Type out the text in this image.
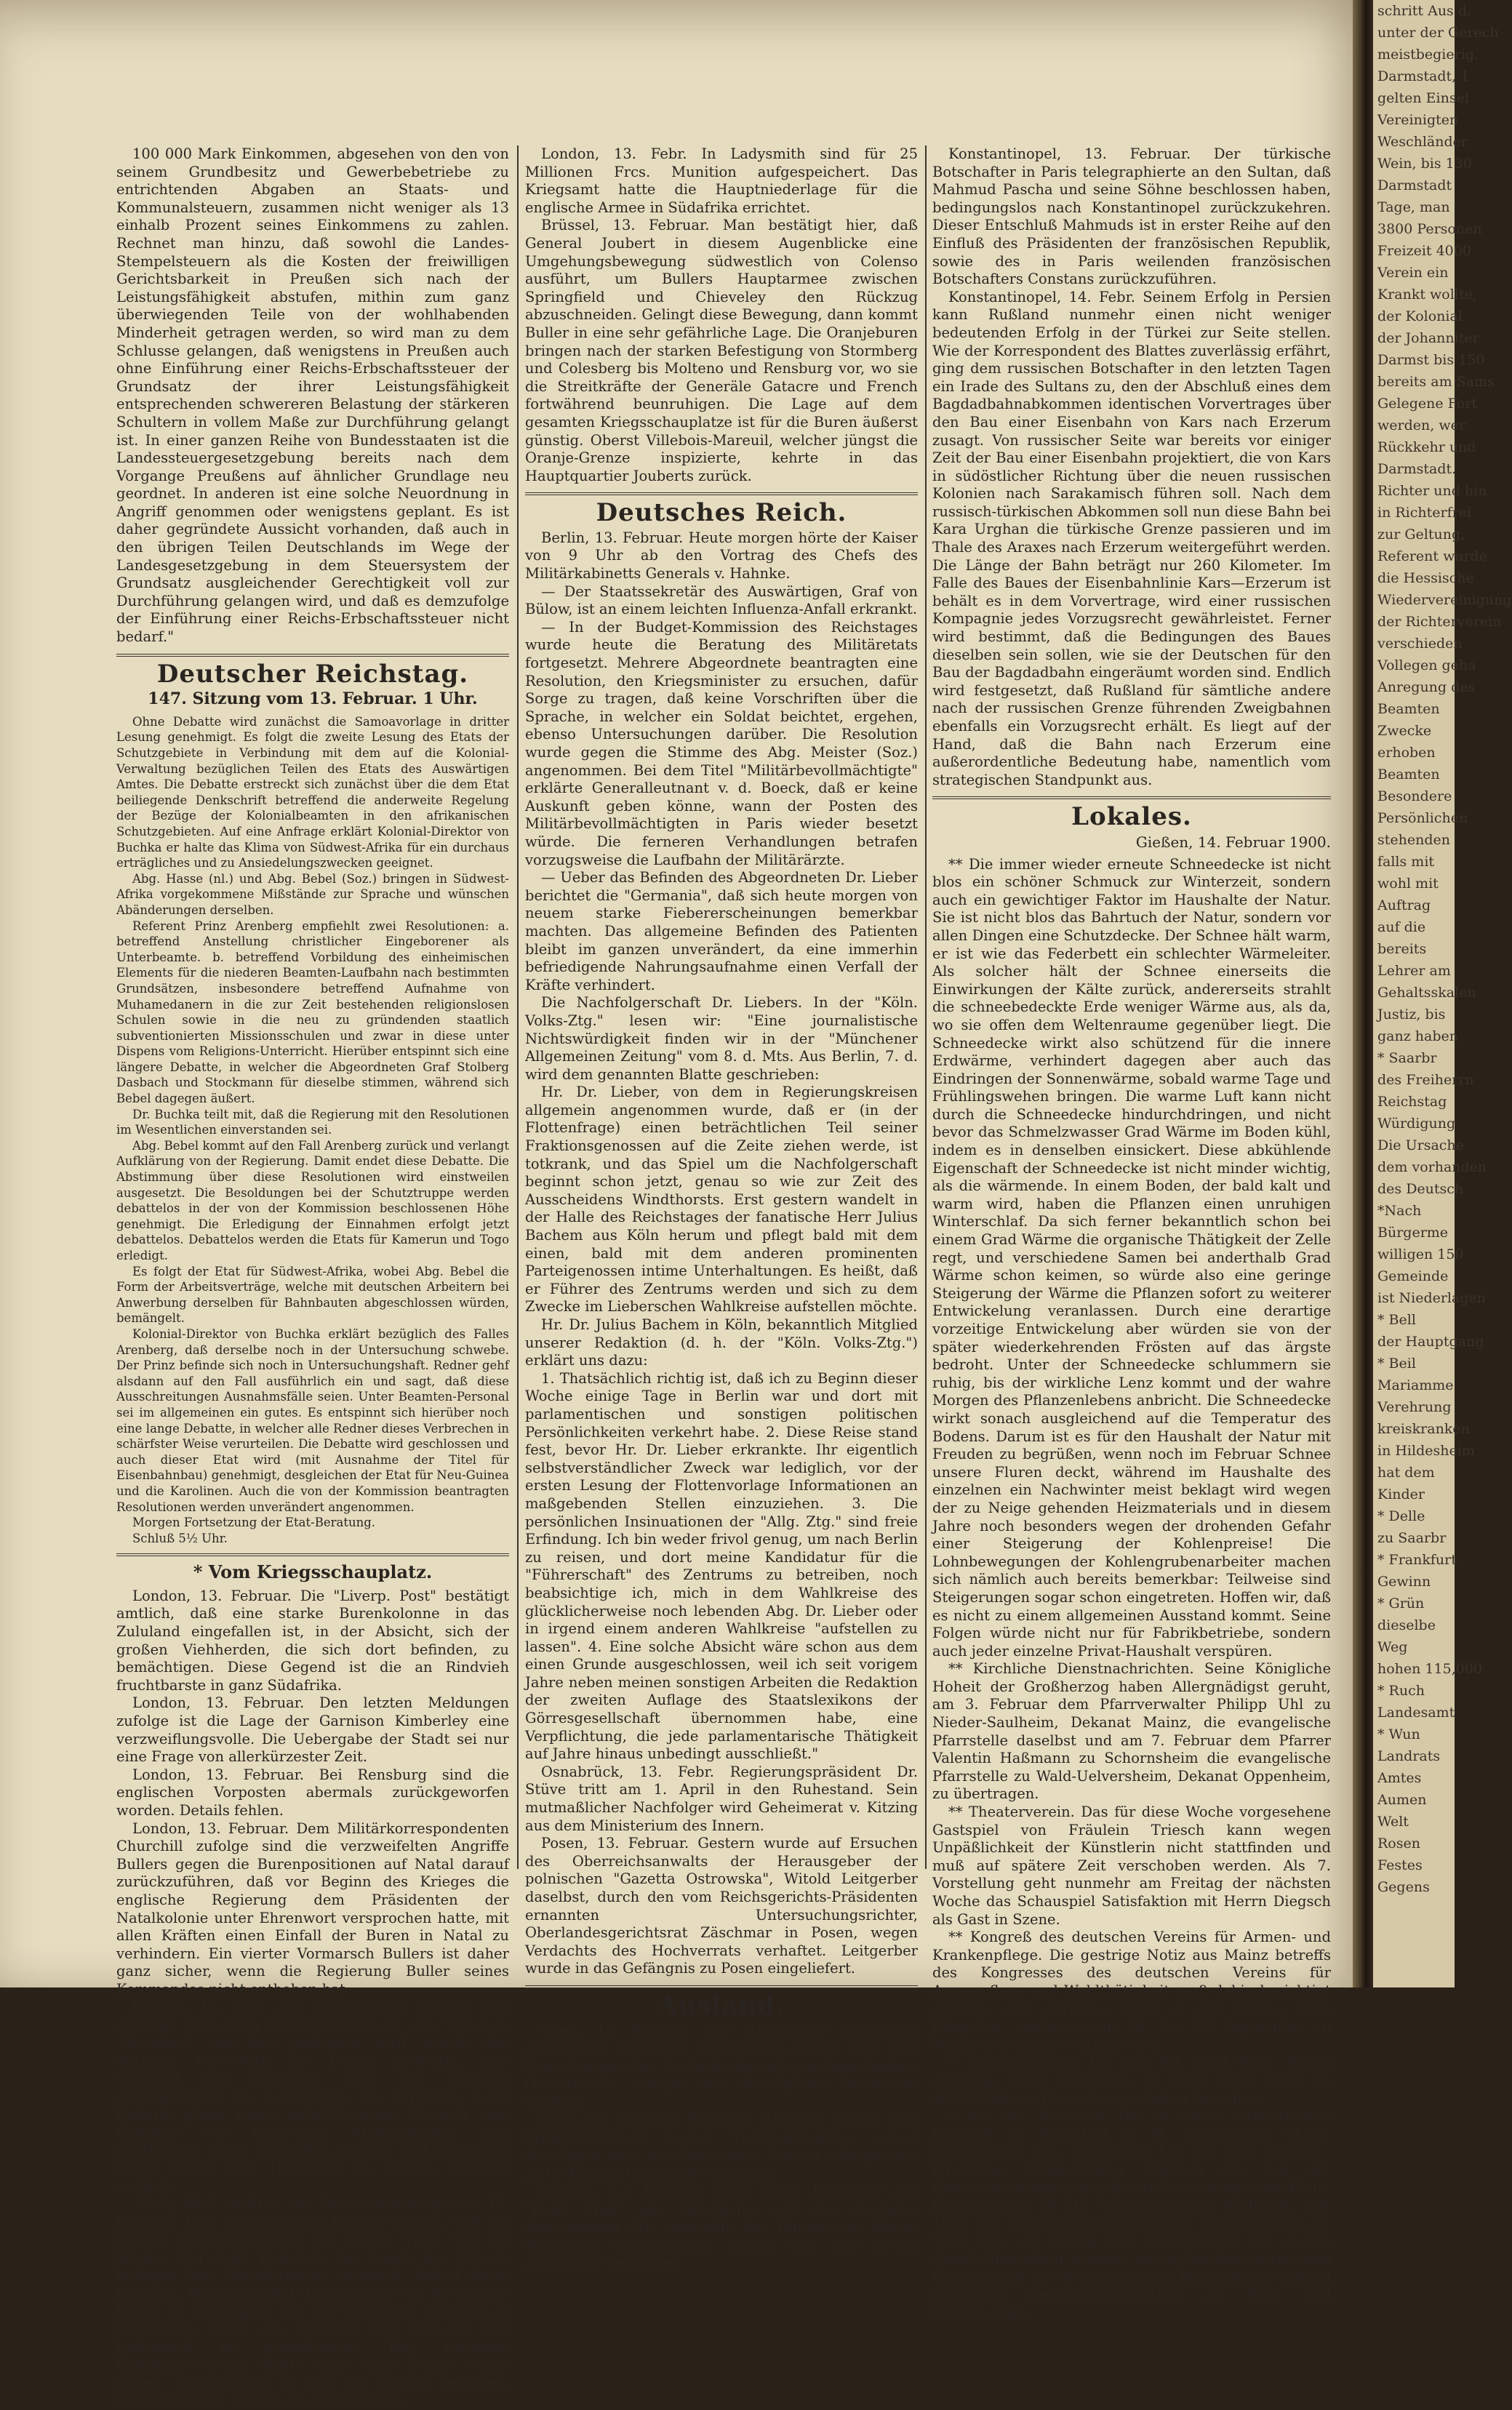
100 000 Mark Einkommen, abgesehen von den von seinem Grundbesitz und Gewerbebetriebe zu entrichtenden Abgaben an Staats- und Kommunalsteuern, zusammen nicht weniger als 13 einhalb Prozent seines Einkommens zu zahlen. Rechnet man hinzu, daß sowohl die Landes-Stempelsteuern als die Kosten der freiwilligen Gerichtsbarkeit in Preußen sich nach der Leistungsfähigkeit abstufen, mithin zum ganz überwiegenden Teile von der wohlhabenden Minderheit getragen werden, so wird man zu dem Schlusse gelangen, daß wenigstens in Preußen auch ohne Einführung einer Reichs-Erbschaftssteuer der Grundsatz der ihrer Leistungsfähigkeit entsprechenden schwereren Belastung der stärkeren Schultern in vollem Maße zur Durchführung gelangt ist. In einer ganzen Reihe von Bundesstaaten ist die Landessteuergesetzgebung bereits nach dem Vorgange Preußens auf ähnlicher Grundlage neu geordnet. In anderen ist eine solche Neuordnung in Angriff genommen oder wenigstens geplant. Es ist daher gegründete Aussicht vorhanden, daß auch in den übrigen Teilen Deutschlands im Wege der Landesgesetzgebung in dem Steuersystem der Grundsatz ausgleichender Gerechtigkeit voll zur Durchführung gelangen wird, und daß es demzufolge der Einführung einer Reichs-Erbschaftssteuer nicht bedarf."

Deutscher Reichstag.
147. Sitzung vom 13. Februar. 1 Uhr.

Ohne Debatte wird zunächst die Samoavorlage in dritter Lesung genehmigt. Es folgt die zweite Lesung des Etats der Schutzgebiete in Verbindung mit dem auf die Kolonial-Verwaltung bezüglichen Teilen des Etats des Auswärtigen Amtes. Die Debatte erstreckt sich zunächst über die dem Etat beiliegende Denkschrift betreffend die anderweite Regelung der Bezüge der Kolonialbeamten in den afrikanischen Schutzgebieten. Auf eine Anfrage erklärt Kolonial-Direktor von Buchka er halte das Klima von Südwest-Afrika für ein durchaus erträgliches und zu Ansiedelungszwecken geeignet.

Abg. Hasse (nl.) und Abg. Bebel (Soz.) bringen in Südwest-Afrika vorgekommene Mißstände zur Sprache und wünschen Abänderungen derselben.

Referent Prinz Arenberg empfiehlt zwei Resolutionen: a. betreffend Anstellung christlicher Eingeborener als Unterbeamte. b. betreffend Vorbildung des einheimischen Elements für die niederen Beamten-Laufbahn nach bestimmten Grundsätzen, insbesondere betreffend Aufnahme von Muhamedanern in die zur Zeit bestehenden religionslosen Schulen sowie in die neu zu gründenden staatlich subventionierten Missionsschulen und zwar in diese unter Dispens vom Religions-Unterricht. Hierüber entspinnt sich eine längere Debatte, in welcher die Abgeordneten Graf Stolberg Dasbach und Stockmann für dieselbe stimmen, während sich Bebel dagegen äußert.

Dr. Buchka teilt mit, daß die Regierung mit den Resolutionen im Wesentlichen einverstanden sei.

Abg. Bebel kommt auf den Fall Arenberg zurück und verlangt Aufklärung von der Regierung. Damit endet diese Debatte. Die Abstimmung über diese Resolutionen wird einstweilen ausgesetzt. Die Besoldungen bei der Schutztruppe werden debattelos in der von der Kommission beschlossenen Höhe genehmigt. Die Erledigung der Einnahmen erfolgt jetzt debattelos. Debattelos werden die Etats für Kamerun und Togo erledigt.

Es folgt der Etat für Südwest-Afrika, wobei Abg. Bebel die Form der Arbeitsverträge, welche mit deutschen Arbeitern bei Anwerbung derselben für Bahnbauten abgeschlossen würden, bemängelt.

Kolonial-Direktor von Buchka erklärt bezüglich des Falles Arenberg, daß derselbe noch in der Untersuchung schwebe. Der Prinz befinde sich noch in Untersuchungshaft. Redner gehf alsdann auf den Fall ausführlich ein und sagt, daß diese Ausschreitungen Ausnahmsfälle seien. Unter Beamten-Personal sei im allgemeinen ein gutes. Es entspinnt sich hierüber noch eine lange Debatte, in welcher alle Redner dieses Verbrechen in schärfster Weise verurteilen. Die Debatte wird geschlossen und auch dieser Etat wird (mit Ausnahme der Titel für Eisenbahnbau) genehmigt, desgleichen der Etat für Neu-Guinea und die Karolinen. Auch die von der Kommission beantragten Resolutionen werden unverändert angenommen.

Morgen Fortsetzung der Etat-Beratung.

Schluß 5½ Uhr.

* Vom Kriegsschauplatz.

London, 13. Februar. Die "Liverp. Post" bestätigt amtlich, daß eine starke Burenkolonne in das Zululand eingefallen ist, in der Absicht, sich der großen Viehherden, die sich dort befinden, zu bemächtigen. Diese Gegend ist die an Rindvieh fruchtbarste in ganz Südafrika.

London, 13. Februar. Den letzten Meldungen zufolge ist die Lage der Garnison Kimberley eine verzweiflungsvolle. Die Uebergabe der Stadt sei nur eine Frage von allerkürzester Zeit.

London, 13. Februar. Bei Rensburg sind die englischen Vorposten abermals zurückgeworfen worden. Details fehlen.

London, 13. Februar. Dem Militärkorrespondenten Churchill zufolge sind die verzweifelten Angriffe Bullers gegen die Burenpositionen auf Natal darauf zurückzuführen, daß vor Beginn des Krieges die englische Regierung dem Präsidenten der Natalkolonie unter Ehrenwort versprochen hatte, mit allen Kräften einen Einfall der Buren in Natal zu verhindern. Ein vierter Vormarsch Bullers ist daher ganz sicher, wenn die Regierung Buller seines Kommandos nicht enthoben hat.

London, 13. Febr. Am Modderflusse scheint eine wichtige Bewegung in Vorbereitung zu sein. Wie dem "Standard" von dort gedrahtet wird, wurde den dortigen Vertretern der Presse bedeutet, sich während der nächsten Tage der größten Zurückhaltung zu befleißigen. Es verlautet, Lord Roberts plane einen entschlossenen Versuch zum Entsatze von Kimberley. Magersfontein und Spytfontein sollen vermieden und die dort stehenden Buren durch zwei Divisionen in Schach gehalten werden.

"Daily Mail" erfährt aus Pietermaritzburg vom 12. Februar: Eine Drahtung von Eshowe meldet, daß ein großes Burenkommando mit einem Train von 80 Wagen und neun Kanonen das Lager bei Nqueta bezogen hat. Gerüchtweise verlautet, daß Eshowe belagert. Wahrscheinlich beabsichtige es, die Zulusi-Hügel zu besitzigen, um die britischen Truppen zu verhindern durch das Zululand zum Entsatze von Ladysmith zu marschieren. Der nächsten Entsatzbewegung dürfte eine neue Pause voran gehen. In Ladysmith ist man mit Fleisch versehen, täglich würden 30 Ochsen geschlachtet.

London, 13. Febr. In Ladysmith sind für 25 Millionen Frcs. Munition aufgespeichert. Das Kriegsamt hatte die Hauptniederlage für die englische Armee in Südafrika errichtet.

Brüssel, 13. Februar. Man bestätigt hier, daß General Joubert in diesem Augenblicke eine Umgehungsbewegung südwestlich von Colenso ausführt, um Bullers Hauptarmee zwischen Springfield und Chieveley den Rückzug abzuschneiden. Gelingt diese Bewegung, dann kommt Buller in eine sehr gefährliche Lage. Die Oranjeburen bringen nach der starken Befestigung von Stormberg und Colesberg bis Molteno und Rensburg vor, wo sie die Streitkräfte der Generäle Gatacre und French fortwährend beunruhigen. Die Lage auf dem gesamten Kriegsschauplatze ist für die Buren äußerst günstig. Oberst Villebois-Mareuil, welcher jüngst die Oranje-Grenze inspizierte, kehrte in das Hauptquartier Jouberts zurück.

Deutsches Reich.

Berlin, 13. Februar. Heute morgen hörte der Kaiser von 9 Uhr ab den Vortrag des Chefs des Militärkabinetts Generals v. Hahnke.

— Der Staatssekretär des Auswärtigen, Graf von Bülow, ist an einem leichten Influenza-Anfall erkrankt.

— In der Budget-Kommission des Reichstages wurde heute die Beratung des Militäretats fortgesetzt. Mehrere Abgeordnete beantragten eine Resolution, den Kriegsminister zu ersuchen, dafür Sorge zu tragen, daß keine Vorschriften über die Sprache, in welcher ein Soldat beichtet, ergehen, ebenso Untersuchungen darüber. Die Resolution wurde gegen die Stimme des Abg. Meister (Soz.) angenommen. Bei dem Titel "Militärbevollmächtigte" erklärte Generalleutnant v. d. Boeck, daß er keine Auskunft geben könne, wann der Posten des Militärbevollmächtigten in Paris wieder besetzt würde. Die ferneren Verhandlungen betrafen vorzugsweise die Laufbahn der Militärärzte.

— Ueber das Befinden des Abgeordneten Dr. Lieber berichtet die "Germania", daß sich heute morgen von neuem starke Fiebererscheinungen bemerkbar machten. Das allgemeine Befinden des Patienten bleibt im ganzen unverändert, da eine immerhin befriedigende Nahrungsaufnahme einen Verfall der Kräfte verhindert.

Die Nachfolgerschaft Dr. Liebers. In der "Köln. Volks-Ztg." lesen wir: "Eine journalistische Nichtswürdigkeit finden wir in der "Münchener Allgemeinen Zeitung" vom 8. d. Mts. Aus Berlin, 7. d. wird dem genannten Blatte geschrieben:

Hr. Dr. Lieber, von dem in Regierungskreisen allgemein angenommen wurde, daß er (in der Flottenfrage) einen beträchtlichen Teil seiner Fraktionsgenossen auf die Zeite ziehen werde, ist totkrank, und das Spiel um die Nachfolgerschaft beginnt schon jetzt, genau so wie zur Zeit des Ausscheidens Windthorsts. Erst gestern wandelt in der Halle des Reichstages der fanatische Herr Julius Bachem aus Köln herum und pflegt bald mit dem einen, bald mit dem anderen prominenten Parteigenossen intime Unterhaltungen. Es heißt, daß er Führer des Zentrums werden und sich zu dem Zwecke im Lieberschen Wahlkreise aufstellen möchte.

Hr. Dr. Julius Bachem in Köln, bekanntlich Mitglied unserer Redaktion (d. h. der "Köln. Volks-Ztg.") erklärt uns dazu:

1. Thatsächlich richtig ist, daß ich zu Beginn dieser Woche einige Tage in Berlin war und dort mit parlamentischen und sonstigen politischen Persönlichkeiten verkehrt habe. 2. Diese Reise stand fest, bevor Hr. Dr. Lieber erkrankte. Ihr eigentlich selbstverständlicher Zweck war lediglich, vor der ersten Lesung der Flottenvorlage Informationen an maßgebenden Stellen einzuziehen. 3. Die persönlichen Insinuationen der "Allg. Ztg." sind freie Erfindung. Ich bin weder frivol genug, um nach Berlin zu reisen, und dort meine Kandidatur für die "Führerschaft" des Zentrums zu betreiben, noch beabsichtige ich, mich in dem Wahlkreise des glücklicherweise noch lebenden Abg. Dr. Lieber oder in irgend einem anderen Wahlkreise "aufstellen zu lassen". 4. Eine solche Absicht wäre schon aus dem einen Grunde ausgeschlossen, weil ich seit vorigem Jahre neben meinen sonstigen Arbeiten die Redaktion der zweiten Auflage des Staatslexikons der Görresgesellschaft übernommen habe, eine Verpflichtung, die jede parlamentarische Thätigkeit auf Jahre hinaus unbedingt ausschließt."

Osnabrück, 13. Febr. Regierungspräsident Dr. Stüve tritt am 1. April in den Ruhestand. Sein mutmaßlicher Nachfolger wird Geheimerat v. Kitzing aus dem Ministerium des Innern.

Posen, 13. Februar. Gestern wurde auf Ersuchen des Oberreichsanwalts der Herausgeber der polnischen "Gazetta Ostrowska", Witold Leitgerber daselbst, durch den vom Reichsgerichts-Präsidenten ernannten Untersuchungsrichter, Oberlandesgerichtsrat Zäschmar in Posen, wegen Verdachts des Hochverrats verhaftet. Leitgerber wurde in das Gefängnis zu Posen eingeliefert.

Ausland.

Wien, 13. Februar. Die italienische Regierung errichtet in Innsbruck ein Konsulat und in Riva eine Konsulatexpositur. Es dürfte dies als ein Zugeständnis Oesterreichs infolge der Riva-Affaire betrachtet werden.

Prag, 13. Februar. Professor Masaryk wurde vom Strafgerichtshof wegen Veröffentlichung seiner Broschüre über den bekannten Polnaer Mordprozeß zu 60 Kronen Geldstrafe verurteilt.

London, 13. Februar. Nach einer Depesche der "Daily Mail" aus Hongkong soll das deutsche Kanonenboot Iltis innerhalb des Hafens von Macao Peilungen vorgenommen haben, was eine große Aufregung hervorrief.

Konstantinopel, 13. Februar. Der türkische Botschafter in Paris telegraphierte an den Sultan, daß Mahmud Pascha und seine Söhne beschlossen haben, bedingungslos nach Konstantinopel zurückzukehren. Dieser Entschluß Mahmuds ist in erster Reihe auf den Einfluß des Präsidenten der französischen Republik, sowie des in Paris weilenden französischen Botschafters Constans zurückzuführen.

Konstantinopel, 14. Febr. Seinem Erfolg in Persien kann Rußland nunmehr einen nicht weniger bedeutenden Erfolg in der Türkei zur Seite stellen. Wie der Korrespondent des Blattes zuverlässig erfährt, ging dem russischen Botschafter in den letzten Tagen ein Irade des Sultans zu, den der Abschluß eines dem Bagdadbahnabkommen identischen Vorvertrages über den Bau einer Eisenbahn von Kars nach Erzerum zusagt. Von russischer Seite war bereits vor einiger Zeit der Bau einer Eisenbahn projektiert, die von Kars in südöstlicher Richtung über die neuen russischen Kolonien nach Sarakamisch führen soll. Nach dem russisch-türkischen Abkommen soll nun diese Bahn bei Kara Urghan die türkische Grenze passieren und im Thale des Araxes nach Erzerum weitergeführt werden. Die Länge der Bahn beträgt nur 260 Kilometer. Im Falle des Baues der Eisenbahnlinie Kars—Erzerum ist behält es in dem Vorvertrage, wird einer russischen Kompagnie jedes Vorzugsrecht gewährleistet. Ferner wird bestimmt, daß die Bedingungen des Baues dieselben sein sollen, wie sie der Deutschen für den Bau der Bagdadbahn eingeräumt worden sind. Endlich wird festgesetzt, daß Rußland für sämtliche andere nach der russischen Grenze führenden Zweigbahnen ebenfalls ein Vorzugsrecht erhält. Es liegt auf der Hand, daß die Bahn nach Erzerum eine außerordentliche Bedeutung habe, namentlich vom strategischen Standpunkt aus.

Lokales.
Gießen, 14. Februar 1900.

** Die immer wieder erneute Schneedecke ist nicht blos ein schöner Schmuck zur Winterzeit, sondern auch ein gewichtiger Faktor im Haushalte der Natur. Sie ist nicht blos das Bahrtuch der Natur, sondern vor allen Dingen eine Schutzdecke. Der Schnee hält warm, er ist wie das Federbett ein schlechter Wärmeleiter. Als solcher hält der Schnee einerseits die Einwirkungen der Kälte zurück, andererseits strahlt die schneebedeckte Erde weniger Wärme aus, als da, wo sie offen dem Weltenraume gegenüber liegt. Die Schneedecke wirkt also schützend für die innere Erdwärme, verhindert dagegen aber auch das Eindringen der Sonnenwärme, sobald warme Tage und Frühlingswehen bringen. Die warme Luft kann nicht durch die Schneedecke hindurchdringen, und nicht bevor das Schmelzwasser Grad Wärme im Boden kühl, indem es in denselben einsickert. Diese abkühlende Eigenschaft der Schneedecke ist nicht minder wichtig, als die wärmende. In einem Boden, der bald kalt und warm wird, haben die Pflanzen einen unruhigen Winterschlaf. Da sich ferner bekanntlich schon bei einem Grad Wärme die organische Thätigkeit der Zelle regt, und verschiedene Samen bei anderthalb Grad Wärme schon keimen, so würde also eine geringe Steigerung der Wärme die Pflanzen sofort zu weiterer Entwickelung veranlassen. Durch eine derartige vorzeitige Entwickelung aber würden sie von der später wiederkehrenden Frösten auf das ärgste bedroht. Unter der Schneedecke schlummern sie ruhig, bis der wirkliche Lenz kommt und der wahre Morgen des Pflanzenlebens anbricht. Die Schneedecke wirkt sonach ausgleichend auf die Temperatur des Bodens. Darum ist es für den Haushalt der Natur mit Freuden zu begrüßen, wenn noch im Februar Schnee unsere Fluren deckt, während im Haushalte des einzelnen ein Nachwinter meist beklagt wird wegen der zu Neige gehenden Heizmaterials und in diesem Jahre noch besonders wegen der drohenden Gefahr einer Steigerung der Kohlenpreise! Die Lohnbewegungen der Kohlengrubenarbeiter machen sich nämlich auch bereits bemerkbar: Teilweise sind Steigerungen sogar schon eingetreten. Hoffen wir, daß es nicht zu einem allgemeinen Ausstand kommt. Seine Folgen würde nicht nur für Fabrikbetriebe, sondern auch jeder einzelne Privat-Haushalt verspüren.

** Kirchliche Dienstnachrichten. Seine Königliche Hoheit der Großherzog haben Allergnädigst geruht, am 3. Februar dem Pfarrverwalter Philipp Uhl zu Nieder-Saulheim, Dekanat Mainz, die evangelische Pfarrstelle daselbst und am 7. Februar dem Pfarrer Valentin Haßmann zu Schornsheim die evangelische Pfarrstelle zu Wald-Uelversheim, Dekanat Oppenheim, zu übertragen.

** Theaterverein. Das für diese Woche vorgesehene Gastspiel von Fräulein Triesch kann wegen Unpäßlichkeit der Künstlerin nicht stattfinden und muß auf spätere Zeit verschoben werden. Als 7. Vorstellung geht nunmehr am Freitag der nächsten Woche das Schauspiel Satisfaktion mit Herrn Diegsch als Gast in Szene.

** Kongreß des deutschen Vereins für Armen- und Krankenpflege. Die gestrige Notiz aus Mainz betreffs des Kongresses des deutschen Vereins für Armenpflege und Wohlthätigkeit muß dahin berichtigt werden, daß derselbe nicht in der Woche nach Pfingsten, sondern vom 20. bis 22. September in Mainz abgehalten werden wird.

** Besitzwechsel. Die den Ed. Lind Wwe. Erben gehörige Haus Mäusburg 13 ging durch Kauf zu 49,000 Mk. an Herrn Gustav Walter hier über.

* Aus der Wetterau. Der in einem israelitischen Hospital zu Frankfurt a. M. verstorbene Moses Goldschmidt aus Assenheim hat für eine evangel.-kirchliche Veranstaltung, nämlich die von der Gemeinde Assenheim geplante Errichtung einer Klein-Kinderschule, 50 Mk. testamentarisch bestimmt. Seit 1895 hat die Gemeinde zu diesem Zweck bereits ca. 5000 Mk. als Ertrag von Sammlungen für diesen Zweck übergeben worden, und außerdem wurde vom Gemeinderat durch einstimmigen Beschluß ein günstig gelegenes Gemeindegrundstück als Bau- und Spielplatz ge-

schritt Aus d.
unter der Gerech
meistbegierig.
Darmstadt, 1
gelten Einsel
Vereinigten
Weschländer
Wein, bis 130
Darmstadt
Tage, man
3800 Personen
Freizeit 4000
Verein ein
Krankt wollte,
der Kolonial
der Johanniter
Darmst bis 150
bereits am Sams
Gelegene Fort
werden, wer
Rückkehr und
Darmstadt.
Richter und hin
in Richterfrei
zur Geltung,
Referent wurde
die Hessische
Wiedervereinigung
der Richterverein
verschieden
Vollegen geha
Anregung des
Beamten
Zwecke
erhoben
Beamten
Besondere
Persönlichen
stehenden
falls mit
wohl mit
Auftrag
auf die
bereits
Lehrer am
Gehaltsskalen
Justiz, bis
ganz haben
* Saarbr
des Freiherrn
Reichstag
Würdigung
Die Ursache
dem vorhanden
des Deutsch
*Nach
Bürgerme
willigen 150
Gemeinde
ist Niederlagen
* Bell
der Hauptgang
* Beil
Mariamme
Verehrung
kreiskranken
in Hildesheim
hat dem
Kinder
* Delle
zu Saarbr
* Frankfurt
Gewinn
* Grün
dieselbe
Weg
hohen 115,000
* Ruch
Landesamt
* Wun
Landrats
Amtes
Aumen
Welt
Rosen
Festes
Gegens
